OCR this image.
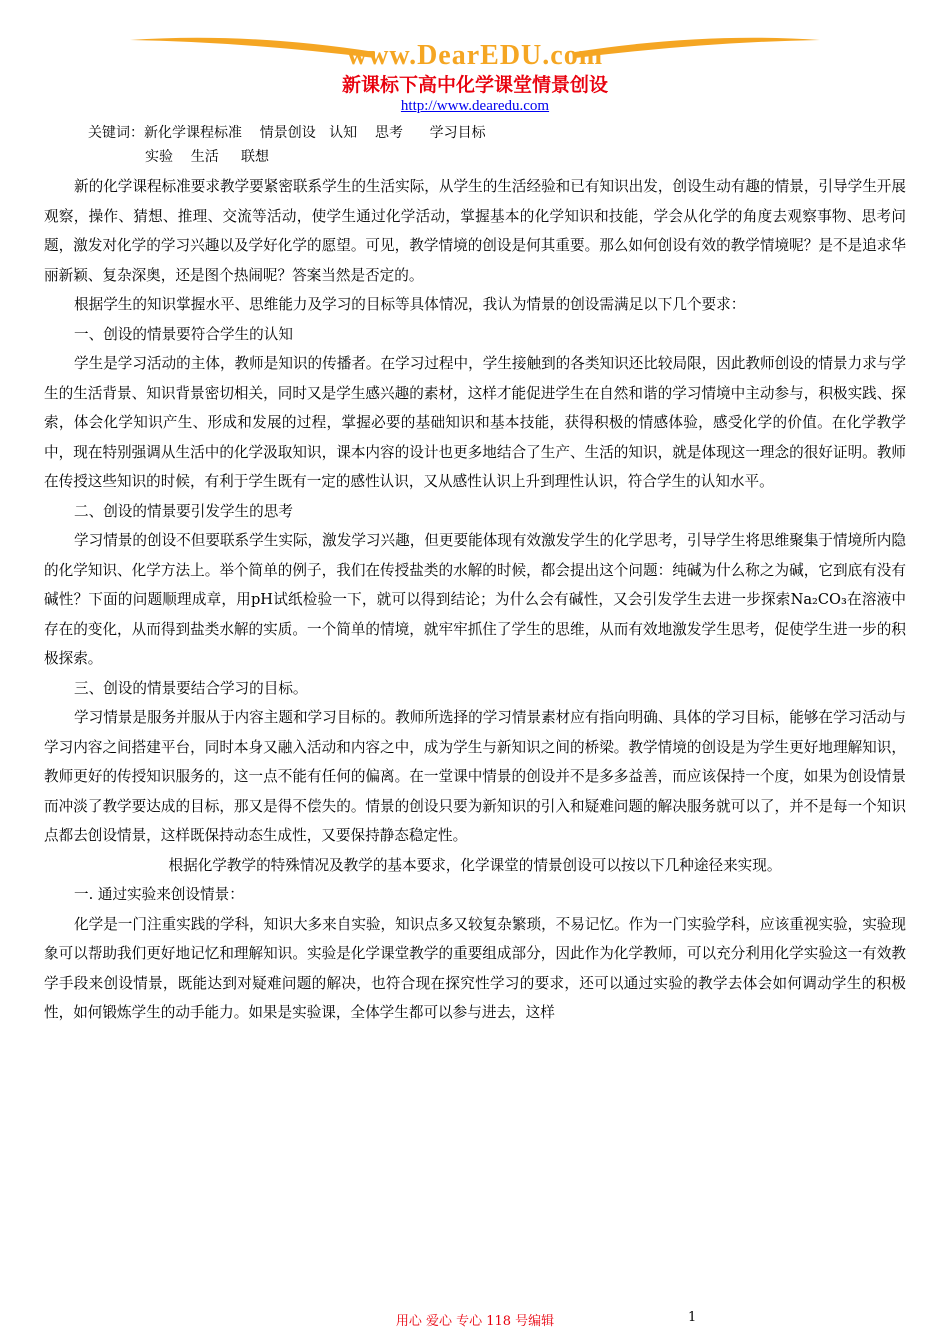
www.DearEDU.com
新课标下高中化学课堂情景创设
http://www.dearedu.com
关键词：新化学课程标准    情景创设   认知    思考      学习目标
实验    生活     联想

新的化学课程标准要求教学要紧密联系学生的生活实际，从学生的生活经验和已有知识出发，创设生动有趣的情景，引导学生开展观察，操作、猜想、推理、交流等活动，使学生通过化学活动，掌握基本的化学知识和技能，学会从化学的角度去观察事物、思考问题，激发对化学的学习兴趣以及学好化学的愿望。可见，教学情境的创设是何其重要。那么如何创设有效的教学情境呢？是不是追求华丽新颖、复杂深奥，还是图个热闹呢？答案当然是否定的。

根据学生的知识掌握水平、思维能力及学习的目标等具体情况，我认为情景的创设需满足以下几个要求：

一、创设的情景要符合学生的认知

学生是学习活动的主体，教师是知识的传播者。在学习过程中，学生接触到的各类知识还比较局限，因此教师创设的情景力求与学生的生活背景、知识背景密切相关，同时又是学生感兴趣的素材，这样才能促进学生在自然和谐的学习情境中主动参与，积极实践、探索，体会化学知识产生、形成和发展的过程，掌握必要的基础知识和基本技能，获得积极的情感体验，感受化学的价值。在化学教学中，现在特别强调从生活中的化学汲取知识，课本内容的设计也更多地结合了生产、生活的知识，就是体现这一理念的很好证明。教师在传授这些知识的时候，有利于学生既有一定的感性认识，又从感性认识上升到理性认识，符合学生的认知水平。

二、创设的情景要引发学生的思考

学习情景的创设不但要联系学生实际，激发学习兴趣，但更要能体现有效激发学生的化学思考，引导学生将思维聚集于情境所内隐的化学知识、化学方法上。举个简单的例子，我们在传授盐类的水解的时候，都会提出这个问题：纯碱为什么称之为碱，它到底有没有碱性？下面的问题顺理成章，用pH试纸检验一下，就可以得到结论；为什么会有碱性，又会引发学生去进一步探索Na₂CO₃在溶液中存在的变化，从而得到盐类水解的实质。一个简单的情境，就牢牢抓住了学生的思维，从而有效地激发学生思考，促使学生进一步的积极探索。

三、创设的情景要结合学习的目标。

学习情景是服务并服从于内容主题和学习目标的。教师所选择的学习情景素材应有指向明确、具体的学习目标，能够在学习活动与学习内容之间搭建平台，同时本身又融入活动和内容之中，成为学生与新知识之间的桥梁。教学情境的创设是为学生更好地理解知识，教师更好的传授知识服务的，这一点不能有任何的偏离。在一堂课中情景的创设并不是多多益善，而应该保持一个度，如果为创设情景而冲淡了教学要达成的目标，那又是得不偿失的。情景的创设只要为新知识的引入和疑难问题的解决服务就可以了，并不是每一个知识点都去创设情景，这样既保持动态生成性，又要保持静态稳定性。

根据化学教学的特殊情况及教学的基本要求，化学课堂的情景创设可以按以下几种途径来实现。

一. 通过实验来创设情景：

化学是一门注重实践的学科，知识大多来自实验，知识点多又较复杂繁琐，不易记忆。作为一门实验学科，应该重视实验，实验现象可以帮助我们更好地记忆和理解知识。实验是化学课堂教学的重要组成部分，因此作为化学教师，可以充分利用化学实验这一有效教学手段来创设情景，既能达到对疑难问题的解决，也符合现在探究性学习的要求，还可以通过实验的教学去体会如何调动学生的积极性，如何锻炼学生的动手能力。如果是实验课，全体学生都可以参与进去，这样

用心 爱心 专心 118 号编辑	1
